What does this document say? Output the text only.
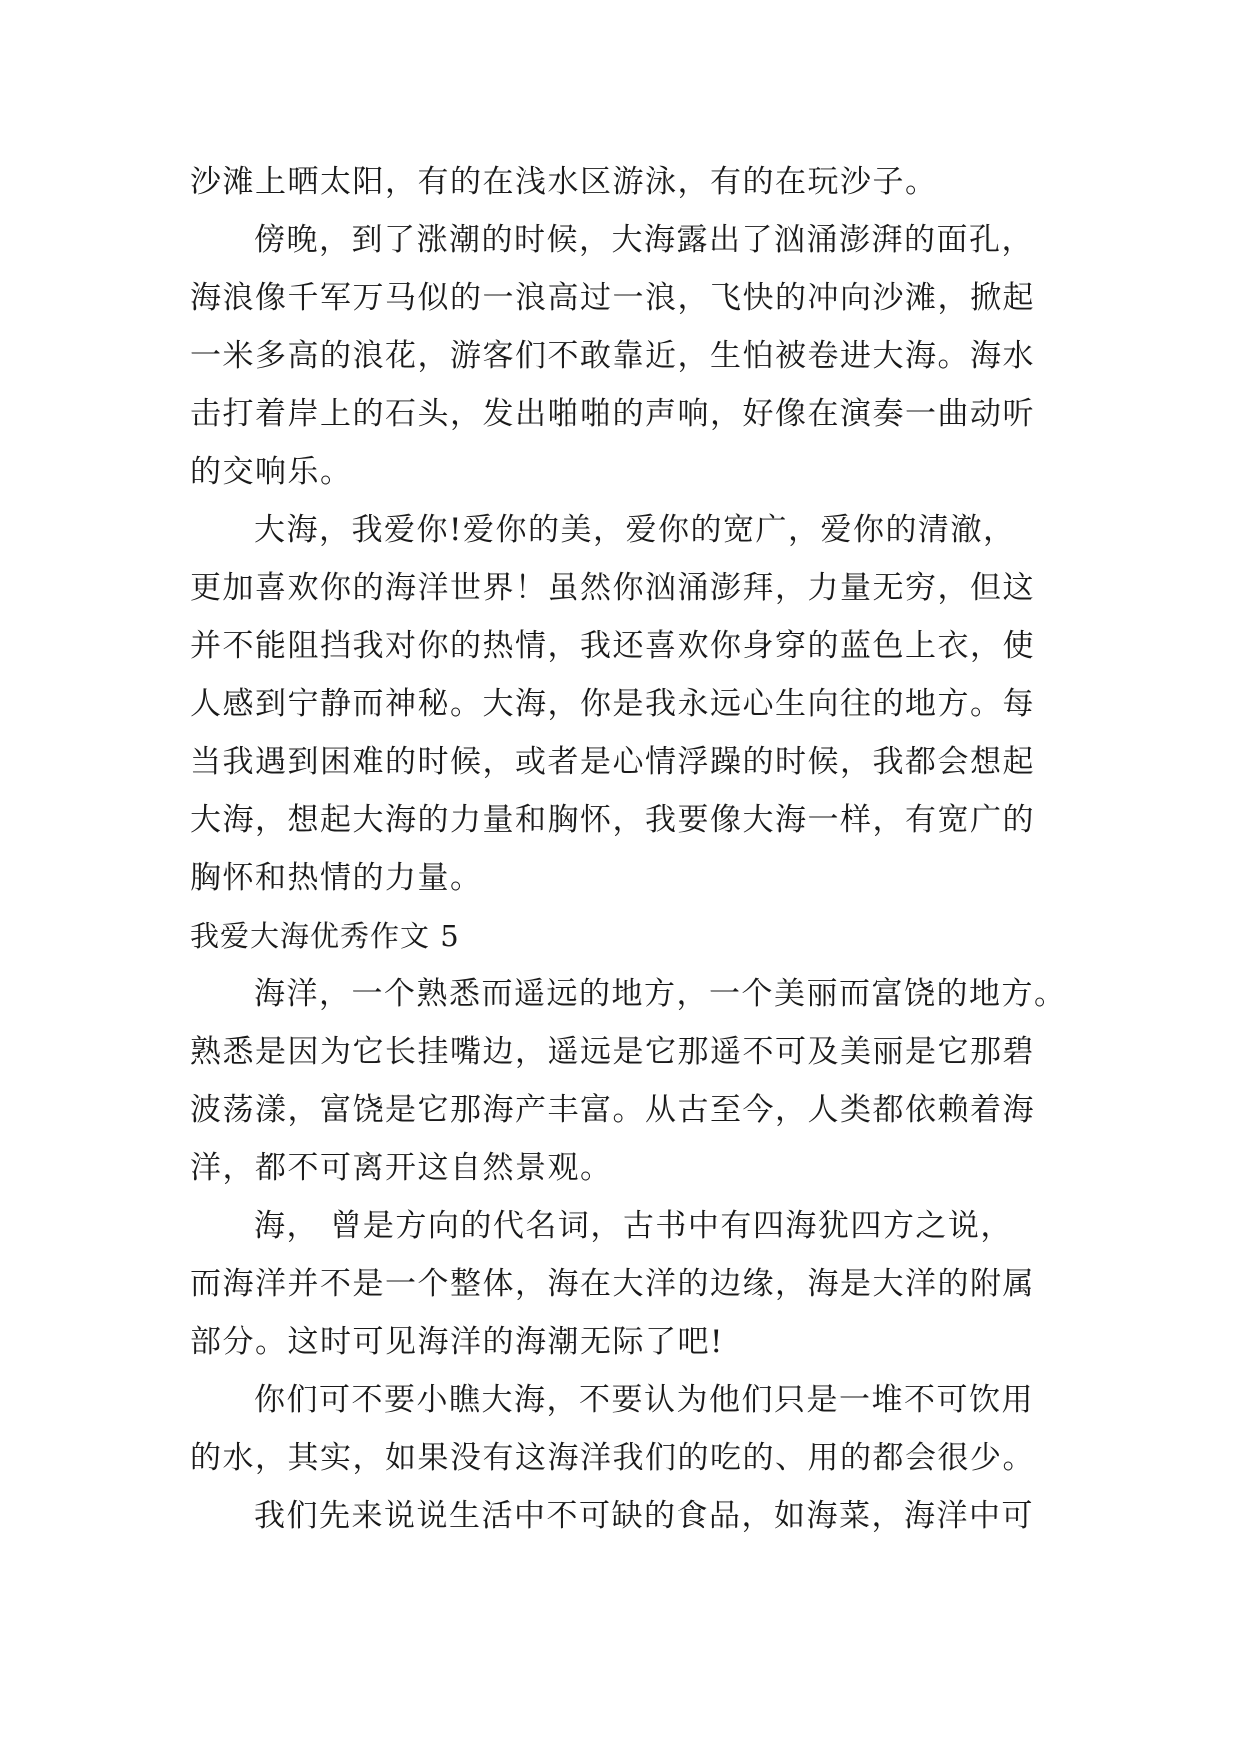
沙滩上晒太阳，有的在浅水区游泳，有的在玩沙子。
傍晚，到了涨潮的时候，大海露出了汹涌澎湃的面孔，
海浪像千军万马似的一浪高过一浪，飞快的冲向沙滩，掀起
一米多高的浪花，游客们不敢靠近，生怕被卷进大海。海水
击打着岸上的石头，发出啪啪的声响，好像在演奏一曲动听
的交响乐。
大海，我爱你!爱你的美，爱你的宽广，爱你的清澈，
更加喜欢你的海洋世界！虽然你汹涌澎拜，力量无穷，但这
并不能阻挡我对你的热情，我还喜欢你身穿的蓝色上衣，使
人感到宁静而神秘。大海，你是我永远心生向往的地方。每
当我遇到困难的时候，或者是心情浮躁的时候，我都会想起
大海，想起大海的力量和胸怀，我要像大海一样，有宽广的
胸怀和热情的力量。
我爱大海优秀作文 5
海洋，一个熟悉而遥远的地方，一个美丽而富饶的地方。
熟悉是因为它长挂嘴边，遥远是它那遥不可及美丽是它那碧
波荡漾，富饶是它那海产丰富。从古至今，人类都依赖着海
洋，都不可离开这自然景观。
海， 曾是方向的代名词，古书中有四海犹四方之说，
而海洋并不是一个整体，海在大洋的边缘，海是大洋的附属
部分。这时可见海洋的海潮无际了吧!
你们可不要小瞧大海，不要认为他们只是一堆不可饮用
的水，其实，如果没有这海洋我们的吃的、用的都会很少。
我们先来说说生活中不可缺的食品，如海菜，海洋中可
